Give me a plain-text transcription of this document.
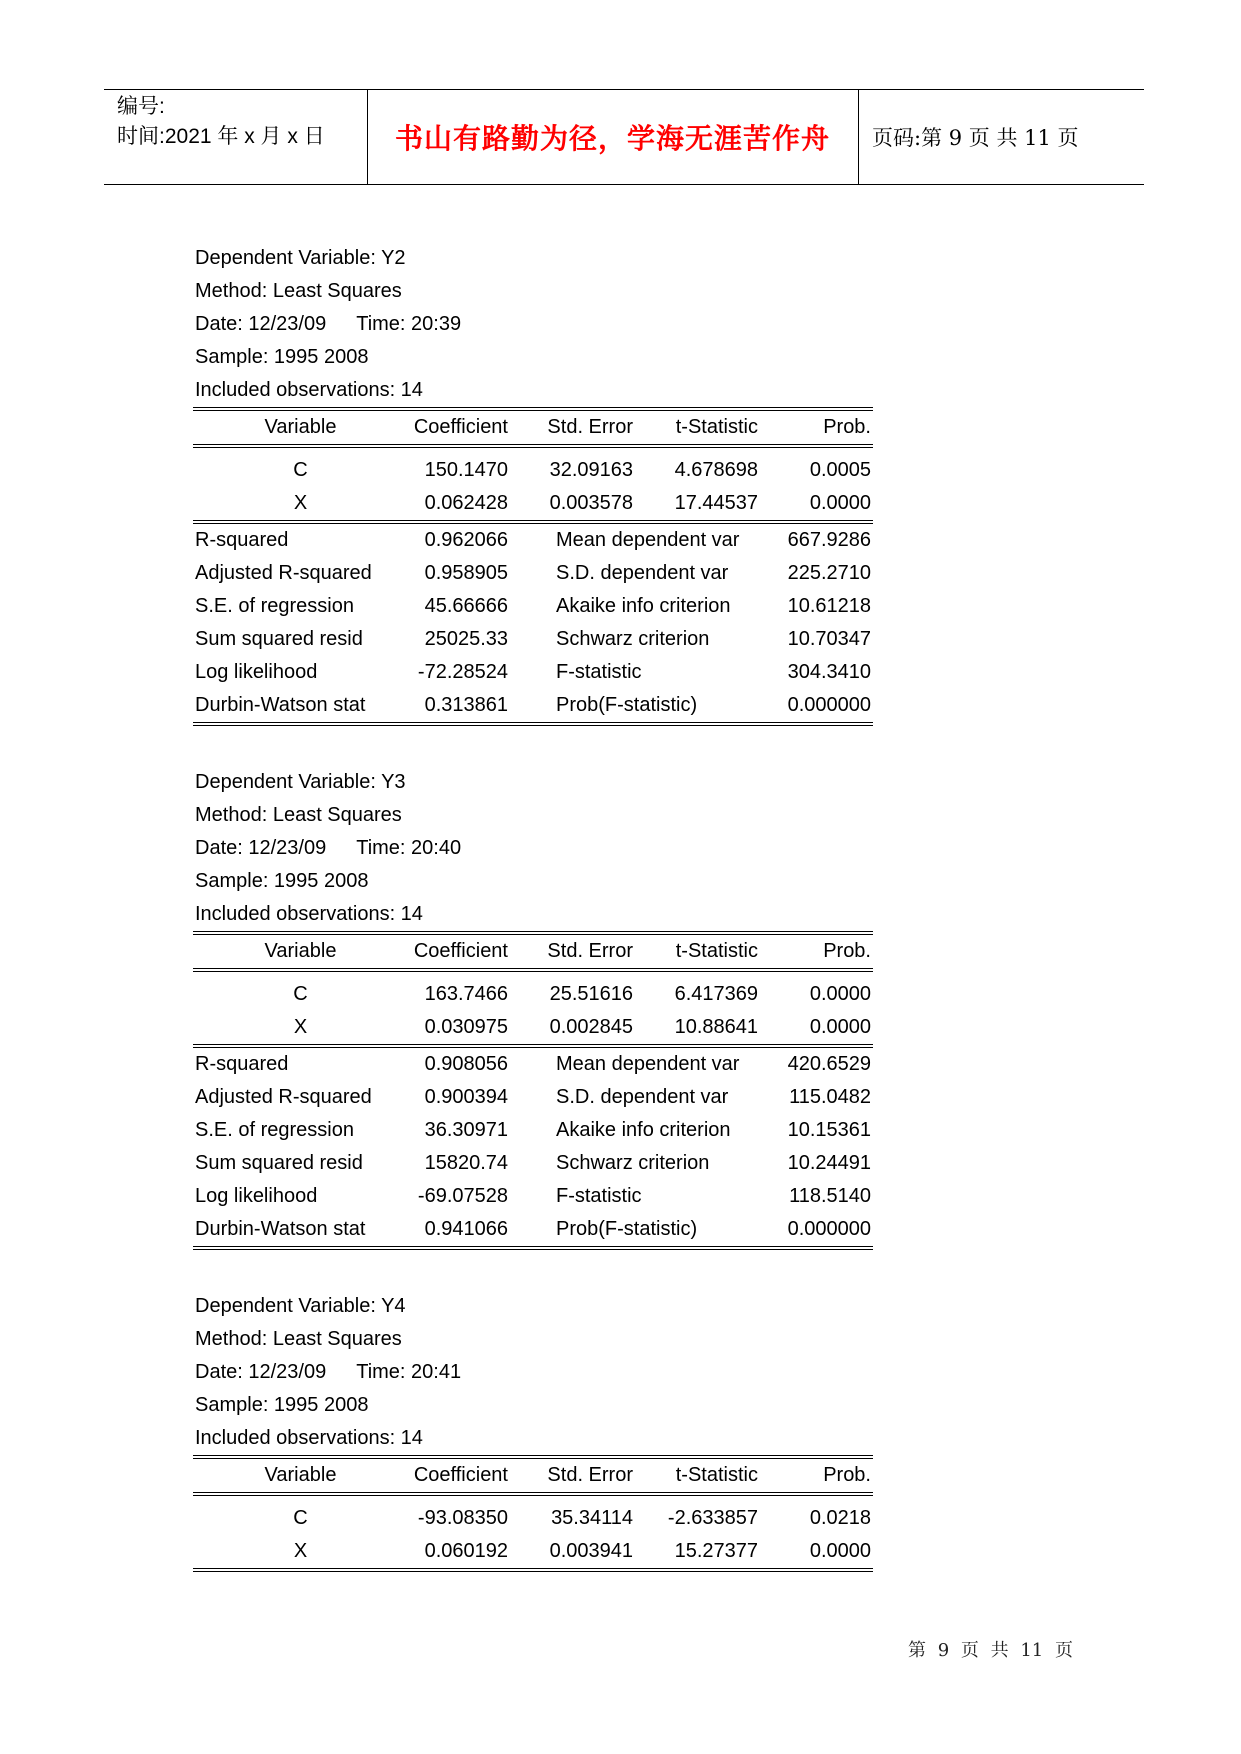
编号:
时间:2021 年 x 月 x 日	书山有路勤为径，学海无涯苦作舟	页码:第 9 页 共 11 页
Dependent Variable: Y2
Method: Least Squares
Date: 12/23/09 Time: 20:39
Sample: 1995 2008
Included observations: 14
Variable	Coefficient	Std. Error	t-Statistic	Prob.
C	150.1470	32.09163	4.678698	0.0005
X	0.062428	0.003578	17.44537	0.0000
R-squared	0.962066	Mean dependent var	667.9286
Adjusted R-squared	0.958905	S.D. dependent var	225.2710
S.E. of regression	45.66666	Akaike info criterion	10.61218
Sum squared resid	25025.33	Schwarz criterion	10.70347
Log likelihood	-72.28524	F-statistic	304.3410
Durbin-Watson stat	0.313861	Prob(F-statistic)	0.000000
Dependent Variable: Y3
Method: Least Squares
Date: 12/23/09 Time: 20:40
Sample: 1995 2008
Included observations: 14
Variable	Coefficient	Std. Error	t-Statistic	Prob.
C	163.7466	25.51616	6.417369	0.0000
X	0.030975	0.002845	10.88641	0.0000
R-squared	0.908056	Mean dependent var	420.6529
Adjusted R-squared	0.900394	S.D. dependent var	115.0482
S.E. of regression	36.30971	Akaike info criterion	10.15361
Sum squared resid	15820.74	Schwarz criterion	10.24491
Log likelihood	-69.07528	F-statistic	118.5140
Durbin-Watson stat	0.941066	Prob(F-statistic)	0.000000
Dependent Variable: Y4
Method: Least Squares
Date: 12/23/09 Time: 20:41
Sample: 1995 2008
Included observations: 14
Variable	Coefficient	Std. Error	t-Statistic	Prob.
C	-93.08350	35.34114	-2.633857	0.0218
X	0.060192	0.003941	15.27377	0.0000
第 9 页 共 11 页
